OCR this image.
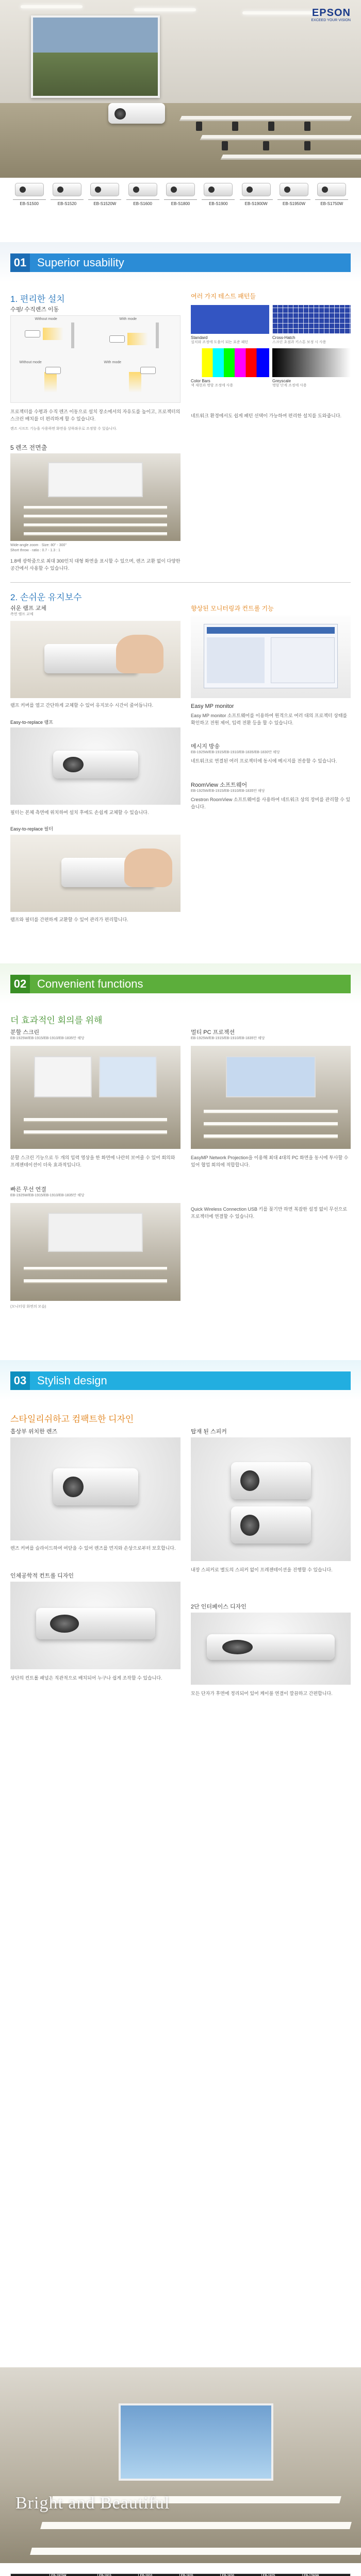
EPSON
EXCEED YOUR VISION
EB-S1500	EB-S1520	EB-S1520W	EB-S1600	EB-S1800	EB-S1900	EB-S1900W	EB-S1950W	EB-S1750W
01 Superior usability
1. 편리한 설치
수평/ 수직렌즈 이동
Without mode	With mode
Without mode	With mode
프로젝터를 수평과 수직 렌즈 이동으로 설치 장소에서의 자유도를 높이고, 프로젝터의 스크린 배치를 더 편리하게 할 수 있습니다.
렌즈 시프트 기능을 사용하면 화면을 상하좌우로 조정할 수 있습니다.
여러 가지 테스트 패턴들
Standard
설치와 조정에 도움이 되는 표준 패턴
Cross-Hatch
스크린 초점과 키스톤 보정 시 사용
Color Bars
색 재현과 명암 조정에 사용
Greyscale
명암 단계 조정에 사용
네트워크 환경에서도 쉽게 패턴 선택이 가능하여 편리한 설치를 도와줍니다.
5 렌즈 전면출
Wide-angle zoom · Size: 80" - 300"
Short throw · ratio : 0.7 - 1.3 : 1
1.8배 광학줌으로 최대 300인치 대형 화면을 표시할 수 있으며, 렌즈 교환 없이 다양한 공간에서 사용할 수 있습니다.
2. 손쉬운 유지보수
쉬운 램프 교체
측면 램프 교체
램프 커버를 열고 간단하게 교체할 수 있어 유지보수 시간이 줄어듭니다.
Easy-to-replace 램프
필터는 본체 측면에 위치하여 설치 후에도 손쉽게 교체할 수 있습니다.
Easy-to-replace 필터
램프와 필터를 간편하게 교환할 수 있어 관리가 편리합니다.
향상된 모니터링과 컨트롤 기능
Easy MP monitor
Easy MP monitor 소프트웨어를 이용하여 원격으로 여러 대의 프로젝터 상태를 확인하고 전원 제어, 입력 전환 등을 할 수 있습니다.
메시지 방송
EB-1925W/EB-1915/EB-1910/EB-1835/EB-1830만 해당
네트워크로 연결된 여러 프로젝터에 동시에 메시지를 전송할 수 있습니다.
RoomView 소프트웨어
EB-1925W/EB-1915/EB-1910/EB-1835만 해당
Crestron RoomView 소프트웨어를 사용하여 네트워크 상의 장비를 관리할 수 있습니다.
02 Convenient functions
더 효과적인 회의를 위해
분할 스크린
EB-1925W/EB-1915/EB-1910/EB-1835만 해당
분할 스크린 기능으로 두 개의 입력 영상을 한 화면에 나란히 보여줄 수 있어 회의와 프레젠테이션이 더욱 효과적입니다.
멀티 PC 프로젝션
EB-1925W/EB-1915/EB-1910/EB-1835만 해당
EasyMP Network Projection을 이용해 최대 4대의 PC 화면을 동시에 투사할 수 있어 협업 회의에 적합합니다.
빠른 무선 연결
EB-1925W/EB-1915/EB-1910/EB-1835만 해당
(모니터링 화면의 모습)
Quick Wireless Connection USB 키를 꽂기만 하면 복잡한 설정 없이 무선으로 프로젝터에 연결할 수 있습니다.
03 Stylish design
스타일리쉬하고 컴팩트한 디자인
흡상부 위치한 렌즈
렌즈 커버를 슬라이드하여 여닫을 수 있어 렌즈를 먼지와 손상으로부터 보호합니다.
탑재 된 스피커
내장 스피커로 별도의 스피커 없이 프레젠테이션을 진행할 수 있습니다.
인체공학적 컨트롤 디자인
상단의 컨트롤 패널은 직관적으로 배치되어 누구나 쉽게 조작할 수 있습니다.
2단 인터페이스 디자인
모든 단자가 후면에 정리되어 있어 케이블 연결이 깔끔하고 간편합니다.
Bright and Beautiful
	EB-1925W	EB-1915	EB-1910	EB-1835	EB-1830	EB-1825	EB-1760W
